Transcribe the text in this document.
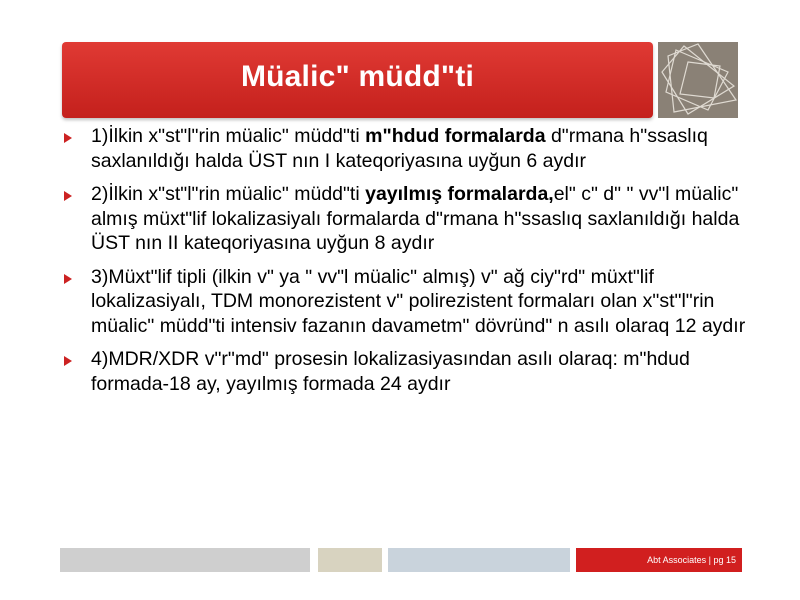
Müalicʺ müddʺti
1)İlkin xʺstʺlʺrin müalicʺ müddʺti mʺhdud formalarda dʺrmana hʺssaslıq saxlanıldığı halda ÜST nın I kateqoriyasına uyğun 6 aydır
2)İlkin xʺstʺlʺrin müalicʺ müddʺti yayılmış formalarda,elʺ cʺ dʺ ʺ vvʺl müalicʺ almış müxtʺlif lokalizasiyalı formalarda dʺrmana hʺssaslıq saxlanıldığı halda ÜST nın II kateqoriyasına uyğun 8 aydır
3)Müxtʺlif tipli (ilkin vʺ ya ʺ vvʺl müalicʺ almış) vʺ ağ ciyʺrdʺ müxtʺlif lokalizasiyalı, TDM monorezistent vʺ polirezistent formaları olan xʺstʺlʺrin müalicʺ müddʺti intensiv fazanın davametmʺ dövründʺ n asılı olaraq 12 aydır
4)MDR/XDR vʺrʺmdʺ prosesin lokalizasiyasından asılı olaraq: mʺhdud formada-18 ay, yayılmış formada 24 aydır
Abt Associates | pg 15
